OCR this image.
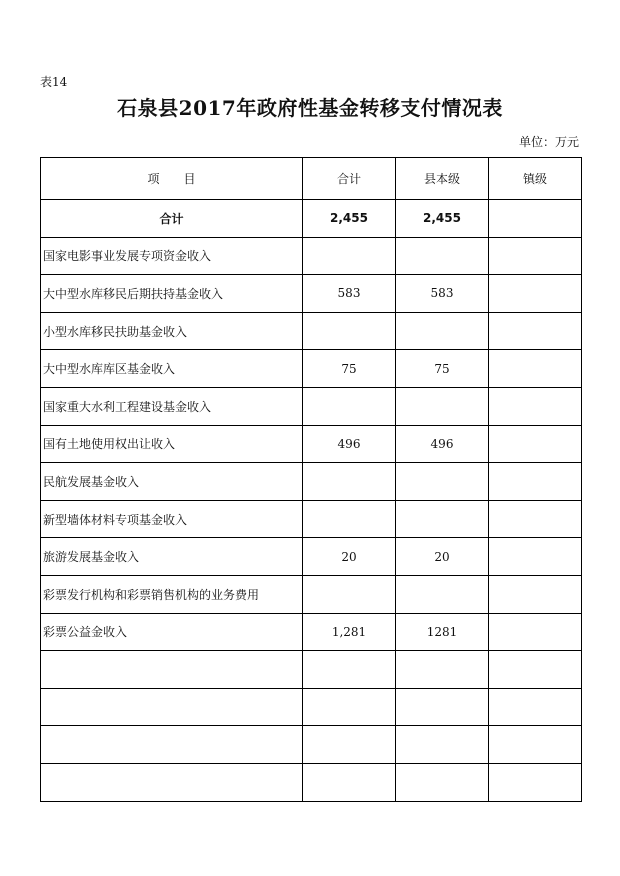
表14
石泉县2017年政府性基金转移支付情况表
单位：万元
项　　目	合计	县本级	镇级
合计	2,455	2,455	
国家电影事业发展专项资金收入			
大中型水库移民后期扶持基金收入	583	583	
小型水库移民扶助基金收入			
大中型水库库区基金收入	75	75	
国家重大水利工程建设基金收入			
国有土地使用权出让收入	496	496	
民航发展基金收入			
新型墙体材料专项基金收入			
旅游发展基金收入	20	20	
彩票发行机构和彩票销售机构的业务费用			
彩票公益金收入	1,281	1281	
